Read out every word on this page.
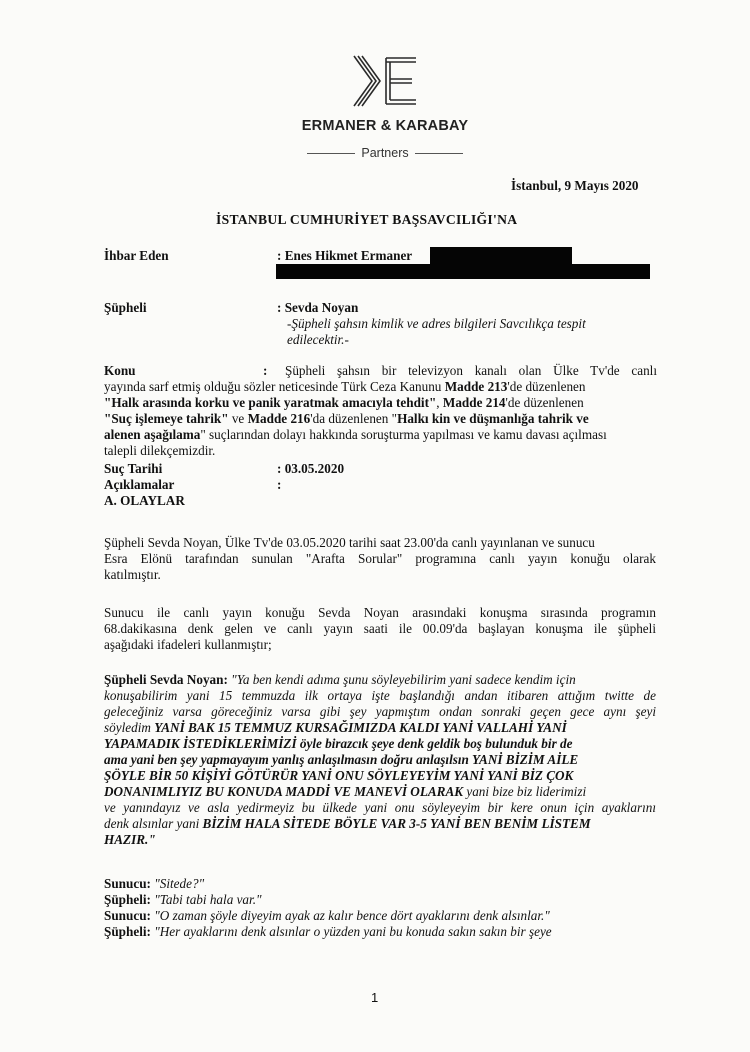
ERMANER & KARABAY
Partners
İstanbul, 9 Mayıs 2020
İSTANBUL CUMHURİYET BAŞSAVCILIĞI'NA
İhbar Eden	: Enes Hikmet Ermaner
Şüpheli	: Sevda Noyan
-Şüpheli şahsın kimlik ve adres bilgileri Savcılıkça tespit
edilecektir.-
Konu	: Şüpheli şahsın bir televizyon kanalı olan Ülke Tv'de canlı
yayında sarf etmiş olduğu sözler neticesinde Türk Ceza Kanunu Madde 213'de düzenlenen
"Halk arasında korku ve panik yaratmak amacıyla tehdit", Madde 214'de düzenlenen
"Suç işlemeye tahrik" ve Madde 216'da düzenlenen "Halkı kin ve düşmanlığa tahrik ve
alenen aşağılama" suçlarından dolayı hakkında soruşturma yapılması ve kamu davası açılması
talepli dilekçemizdir.
Suç Tarihi	: 03.05.2020
Açıklamalar	:
A. OLAYLAR
Şüpheli Sevda Noyan, Ülke Tv'de 03.05.2020 tarihi saat 23.00'da canlı yayınlanan ve sunucu
Esra Elönü tarafından sunulan "Arafta Sorular" programına canlı yayın konuğu olarak
katılmıştır.
Sunucu ile canlı yayın konuğu Sevda Noyan arasındaki konuşma sırasında programın
68.dakikasına denk gelen ve canlı yayın saati ile 00.09'da başlayan konuşma ile şüpheli
aşağıdaki ifadeleri kullanmıştır;
Şüpheli Sevda Noyan: "Ya ben kendi adıma şunu söyleyebilirim yani sadece kendim için
konuşabilirim yani 15 temmuzda ilk ortaya işte başlandığı andan itibaren attığım twitte de
geleceğiniz varsa göreceğiniz varsa gibi şey yapmıştım ondan sonraki geçen gece aynı şeyi
söyledim YANİ BAK 15 TEMMUZ KURSAĞIMIZDA KALDI YANİ VALLAHİ YANİ
YAPAMADIK İSTEDİKLERİMİZİ öyle birazcık şeye denk geldik boş bulunduk bir de
ama yani ben şey yapmayayım yanlış anlaşılmasın doğru anlaşılsın YANİ BİZİM AİLE
ŞÖYLE BİR 50 KİŞİYİ GÖTÜRÜR YANİ ONU SÖYLEYEYİM YANİ YANİ BİZ ÇOK
DONANIMLIYIZ BU KONUDA MADDİ VE MANEVİ OLARAK yani bize biz liderimizi
ve yanındayız ve asla yedirmeyiz bu ülkede yani onu söyleyeyim bir kere onun için ayaklarını
denk alsınlar yani BİZİM HALA SİTEDE BÖYLE VAR 3-5 YANİ BEN BENİM LİSTEM
HAZIR."
Sunucu: "Sitede?"
Şüpheli: "Tabi tabi hala var."
Sunucu: "O zaman şöyle diyeyim ayak az kalır bence dört ayaklarını denk alsınlar."
Şüpheli: "Her ayaklarını denk alsınlar o yüzden yani bu konuda sakın sakın bir şeye
1
